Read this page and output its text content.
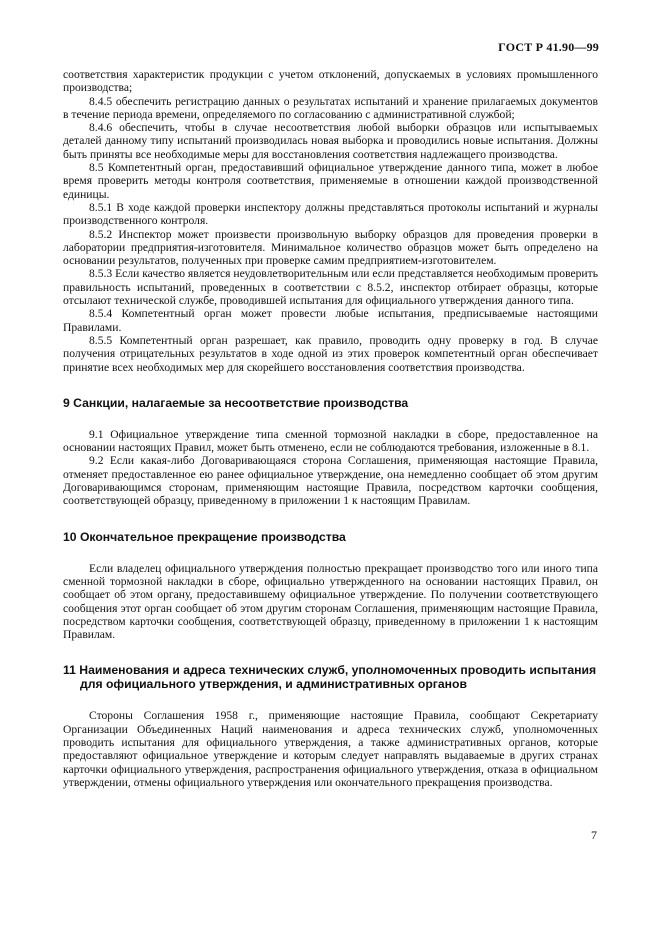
ГОСТ Р 41.90—99

соответствия характеристик продукции с учетом отклонений, допускаемых в условиях промышленного производства;

8.4.5 обеспечить регистрацию данных о результатах испытаний и хранение прилагаемых документов в течение периода времени, определяемого по согласованию с административной службой;

8.4.6 обеспечить, чтобы в случае несоответствия любой выборки образцов или испытываемых деталей данному типу испытаний производилась новая выборка и проводились новые испытания. Должны быть приняты все необходимые меры для восстановления соответствия надлежащего производства.

8.5 Компетентный орган, предоставивший официальное утверждение данного типа, может в любое время проверить методы контроля соответствия, применяемые в отношении каждой производственной единицы.

8.5.1 В ходе каждой проверки инспектору должны представляться протоколы испытаний и журналы производственного контроля.

8.5.2 Инспектор может произвести произвольную выборку образцов для проведения проверки в лаборатории предприятия-изготовителя. Минимальное количество образцов может быть определено на основании результатов, полученных при проверке самим предприятием-изготовителем.

8.5.3 Если качество является неудовлетворительным или если представляется необходимым проверить правильность испытаний, проведенных в соответствии с 8.5.2, инспектор отбирает образцы, которые отсылают технической службе, проводившей испытания для официального утверждения данного типа.

8.5.4 Компетентный орган может провести любые испытания, предписываемые настоящими Правилами.

8.5.5 Компетентный орган разрешает, как правило, проводить одну проверку в год. В случае получения отрицательных результатов в ходе одной из этих проверок компетентный орган обеспечивает принятие всех необходимых мер для скорейшего восстановления соответствия производства.

9 Санкции, налагаемые за несоответствие производства

9.1 Официальное утверждение типа сменной тормозной накладки в сборе, предоставленное на основании настоящих Правил, может быть отменено, если не соблюдаются требования, изложенные в 8.1.

9.2 Если какая-либо Договаривающаяся сторона Соглашения, применяющая настоящие Правила, отменяет предоставленное ею ранее официальное утверждение, она немедленно сообщает об этом другим Договаривающимся сторонам, применяющим настоящие Правила, посредством карточки сообщения, соответствующей образцу, приведенному в приложении 1 к настоящим Правилам.

10 Окончательное прекращение производства

Если владелец официального утверждения полностью прекращает производство того или иного типа сменной тормозной накладки в сборе, официально утвержденного на основании настоящих Правил, он сообщает об этом органу, предоставившему официальное утверждение. По получении соответствующего сообщения этот орган сообщает об этом другим сторонам Соглашения, применяющим настоящие Правила, посредством карточки сообщения, соответствующей образцу, приведенному в приложении 1 к настоящим Правилам.

11 Наименования и адреса технических служб, уполномоченных проводить испытания для официального утверждения, и административных органов

Стороны Соглашения 1958 г., применяющие настоящие Правила, сообщают Секретариату Организации Объединенных Наций наименования и адреса технических служб, уполномоченных проводить испытания для официального утверждения, а также административных органов, которые предоставляют официальное утверждение и которым следует направлять выдаваемые в других странах карточки официального утверждения, распространения официального утверждения, отказа в официальном утверждении, отмены официального утверждения или окончательного прекращения производства.

7
